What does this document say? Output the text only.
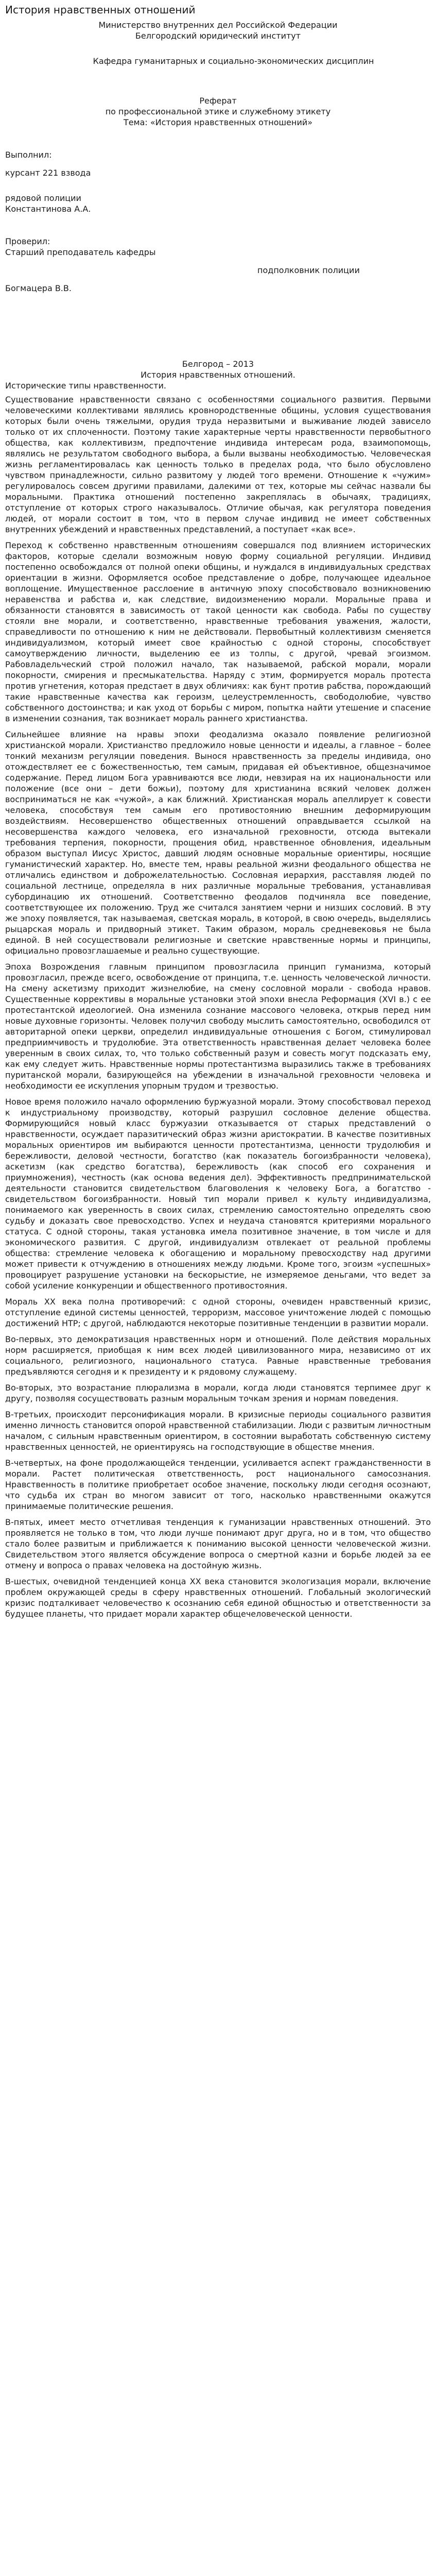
История нравственных отношений

Министерство внутренних дел Российской Федерации

Белгородский юридический институт

Кафедра гуманитарных и социально-экономических дисциплин

Реферат

по профессиональной этике и служебному этикету

Тема: «История нравственных отношений»

Выполнил:

курсант 221 взвода

рядовой полиции

Константинова А.А.

Проверил:

Старший преподаватель кафедры

подполковник полиции

Богмацера В.В.

Белгород – 2013

История нравственных отношений.

Исторические типы нравственности.

Существование нравственности связано с особенностями социального развития. Первыми человеческими коллективами являлись кровнородственные общины, условия существования которых были очень тяжелыми, орудия труда неразвитыми и выживание людей зависело только от их сплоченности. Поэтому такие характерные черты нравственности первобытного общества, как коллективизм, предпочтение индивида интересам рода, взаимопомощь, являлись не результатом свободного выбора, а были вызваны необходимостью. Человеческая жизнь регламентировалась как ценность только в пределах рода, что было обусловлено чувством принадлежности, сильно развитому у людей того времени. Отношение к «чужим» регулировалось совсем другими правилами, далекими от тех, которые мы сейчас назвали бы моральными. Практика отношений постепенно закреплялась в обычаях, традициях, отступление от которых строго наказывалось. Отличие обычая, как регулятора поведения людей, от морали состоит в том, что в первом случае индивид не имеет собственных внутренних убеждений и нравственных представлений, а поступает «как все».

Переход к собственно нравственным отношениям совершался под влиянием исторических факторов, которые сделали возможным новую форму социальной регуляции. Индивид постепенно освобождался от полной опеки общины, и нуждался в индивидуальных средствах ориентации в жизни. Оформляется особое представление о добре, получающее идеальное воплощение. Имущественное расслоение в античную эпоху способствовало возникновению неравенства и рабства и, как следствие, видоизменению морали. Моральные права и обязанности становятся в зависимость от такой ценности как свобода. Рабы по существу стояли вне морали, и соответственно, нравственные требования уважения, жалости, справедливости по отношению к ним не действовали. Первобытный коллективизм сменяется индивидуализмом, который имеет свое крайностью с одной стороны, способствует самоутверждению личности, выделению ее из толпы, с другой, чревай эгоизмом. Рабовладельческий строй положил начало, так называемой, рабской морали, морали покорности, смирения и пресмыкательства. Наряду с этим, формируется мораль протеста против угнетения, которая предстает в двух обличиях: как бунт против рабства, порождающий такие нравственные качества как героизм, целеустремленность, свободолюбие, чувство собственного достоинства; и как уход от борьбы с миром, попытка найти утешение и спасение в изменении сознания, так возникает мораль раннего христианства.

Сильнейшее влияние на нравы эпохи феодализма оказало появление религиозной христианской морали. Христианство предложило новые ценности и идеалы, а главное – более тонкий механизм регуляции поведения. Вынося нравственность за пределы индивида, оно отождествляет ее с божественностью, тем самым, придавая ей объективное, общезначимое содержание. Перед лицом Бога уравниваются все люди, невзирая на их национальности или положение (все они – дети божьи), поэтому для христианина всякий человек должен восприниматься не как «чужой», а как ближний. Христианская мораль апеллирует к совести человека, способствуя тем самым его противостоянию внешним деформирующим воздействиям. Несовершенство общественных отношений оправдывается ссылкой на несовершенства каждого человека, его изначальной греховности, отсюда вытекали требования терпения, покорности, прощения обид, нравственное обновления, идеальным образом выступал Иисус Христос, давший людям основные моральные ориентиры, носящие гуманистический характер. Но, вместе тем, нравы реальной жизни феодального общества не отличались единством и доброжелательностью. Сословная иерархия, расставляя людей по социальной лестнице, определяла в них различные моральные требования, устанавливая субординацию их отношений. Соответственно феодалов подчиняла все поведение, соответствующее их положению. Труд же считался занятием черни и низших сословий. В эту же эпоху появляется, так называемая, светская мораль, в которой, в свою очередь, выделялись рыцарская мораль и придворный этикет. Таким образом, мораль средневековья не была единой. В ней сосуществовали религиозные и светские нравственные нормы и принципы, официально провозглашаемые и реально существующие.

Эпоха Возрождения главным принципом провозгласила принцип гуманизма, который провозгласил, прежде всего, освобождение от принципа, т.е. ценность человеческой личности. На смену аскетизму приходит жизнелюбие, на смену сословной морали - свобода нравов. Существенные коррективы в моральные установки этой эпохи внесла Реформация (XVI в.) с ее протестантской идеологией. Она изменила сознание массового человека, открыв перед ним новые духовные горизонты. Человек получил свободу мыслить самостоятельно, освободился от авторитарной опеки церкви, определил индивидуальные отношения с Богом, стимулировал предприимчивость и трудолюбие. Эта ответственность нравственная делает человека более уверенным в своих силах, то, что только собственный разум и совесть могут подсказать ему, как ему следует жить. Нравственные нормы протестантизма выразились также в требованиях пуританской морали, базирующейся на убеждении в изначальной греховности человека и необходимости ее искупления упорным трудом и трезвостью.

Новое время положило начало оформлению буржуазной морали. Этому способствовал переход к индустриальному производству, который разрушил сословное деление общества. Формирующийся новый класс буржуазии отказывается от старых представлений о нравственности, осуждает паразитический образ жизни аристократии. В качестве позитивных моральных ориентиров им выбираются ценности протестантизма, ценности трудолюбия и бережливости, деловой честности, богатство (как показатель богоизбранности человека), аскетизм (как средство богатства), бережливость (как способ его сохранения и приумножения), честность (как основа ведения дел). Эффективность предпринимательской деятельности становится свидетельством благоволения к человеку Бога, а богатство - свидетельством богоизбранности. Новый тип морали привел к культу индивидуализма, понимаемого как уверенность в своих силах, стремлению самостоятельно определять свою судьбу и доказать свое превосходство. Успех и неудача становятся критериями морального статуса. С одной стороны, такая установка имела позитивное значение, в том числе и для экономического развития. С другой, индивидуализм отвлекает от реальной проблемы общества: стремление человека к обогащению и моральному превосходству над другими может привести к отчуждению в отношениях между людьми. Кроме того, эгоизм «успешных» провоцирует разрушение установки на бескорыстие, не измеряемое деньгами, что ведет за собой усиление конкуренции и общественного противостояния.

Мораль XX века полна противоречий: с одной стороны, очевиден нравственный кризис, отступление единой системы ценностей, терроризм, массовое уничтожение людей с помощью достижений НТР; с другой, наблюдаются некоторые позитивные тенденции в развитии морали.

Во-первых, это демократизация нравственных норм и отношений. Поле действия моральных норм расширяется, приобщая к ним всех людей цивилизованного мира, независимо от их социального, религиозного, национального статуса. Равные нравственные требования предъявляются сегодня и к президенту и к рядовому служащему.

Во-вторых, это возрастание плюрализма в морали, когда люди становятся терпимее друг к другу, позволяя сосуществовать разным моральным точкам зрения и нормам поведения.

В-третьих, происходит персонификация морали. В кризисные периоды социального развития именно личность становится опорой нравственной стабилизации. Люди с развитым личностным началом, с сильным нравственным ориентиром, в состоянии выработать собственную систему нравственных ценностей, не ориентируясь на господствующие в обществе мнения.

В-четвертых, на фоне продолжающейся тенденции, усиливается аспект гражданственности в морали. Растет политическая ответственность, рост национального самосознания. Нравственность в политике приобретает особое значение, поскольку люди сегодня осознают, что судьба их стран во многом зависит от того, насколько нравственными окажутся принимаемые политические решения.

В-пятых, имеет место отчетливая тенденция к гуманизации нравственных отношений. Это проявляется не только в том, что люди лучше понимают друг друга, но и в том, что общество стало более развитым и приближается к пониманию высокой ценности человеческой жизни. Свидетельством этого является обсуждение вопроса о смертной казни и борьбе людей за ее отмену и вопроса о правах человека на достойную жизнь.

В-шестых, очевидной тенденцией конца XX века становится экологизация морали, включение проблем окружающей среды в сферу нравственных отношений. Глобальный экологический кризис подталкивает человечество к осознанию себя единой общностью и ответственности за будущее планеты, что придает морали характер общечеловеческой ценности.
